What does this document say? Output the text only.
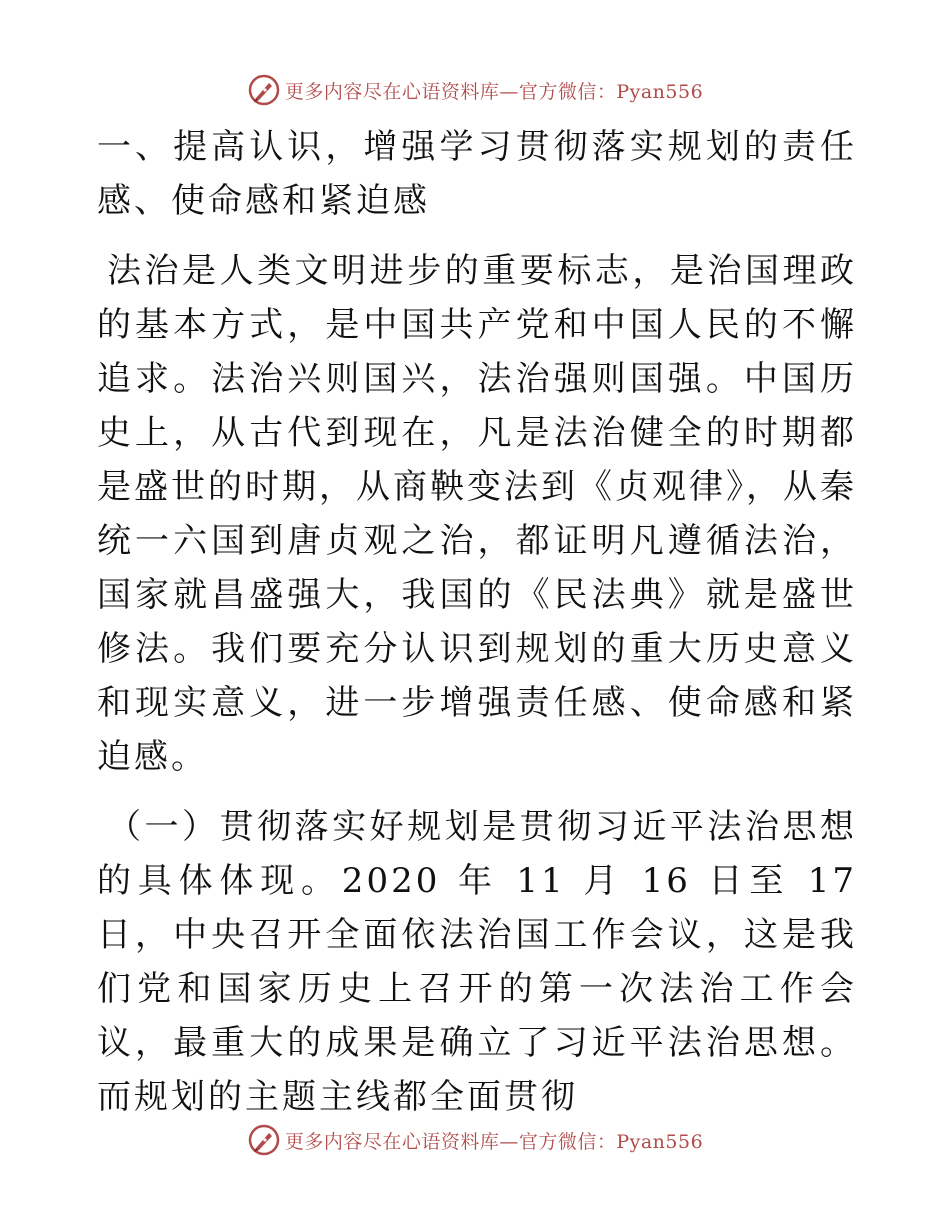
更多内容尽在心语资料库—官方微信：Pyan556

一、提高认识，增强学习贯彻落实规划的责任感、使命感和紧迫感

法治是人类文明进步的重要标志，是治国理政的基本方式，是中国共产党和中国人民的不懈追求。法治兴则国兴，法治强则国强。中国历史上，从古代到现在，凡是法治健全的时期都是盛世的时期，从商鞅变法到《贞观律》，从秦统一六国到唐贞观之治，都证明凡遵循法治，国家就昌盛强大，我国的《民法典》就是盛世修法。我们要充分认识到规划的重大历史意义和现实意义，进一步增强责任感、使命感和紧迫感。

（一）贯彻落实好规划是贯彻习近平法治思想的具体体现。2020 年 11 月 16 日至 17 日，中央召开全面依法治国工作会议，这是我们党和国家历史上召开的第一次法治工作会议，最重大的成果是确立了习近平法治思想。而规划的主题主线都全面贯彻

更多内容尽在心语资料库—官方微信：Pyan556
